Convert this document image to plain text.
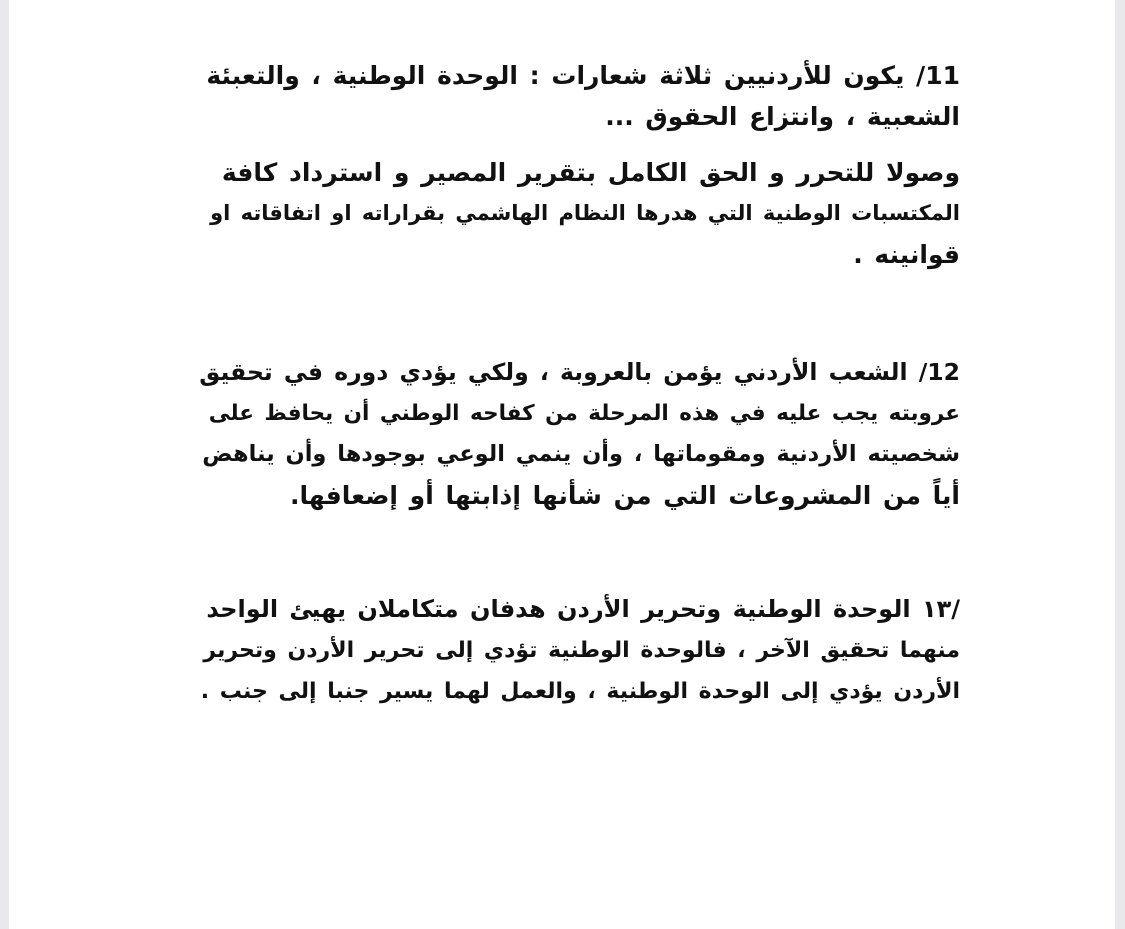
11/ يكون للأردنيين ثلاثة شعارات : الوحدة الوطنية ، والتعبئة
الشعبية ، وانتزاع الحقوق ...
وصولا للتحرر و الحق الكامل بتقرير المصير و استرداد كافة
المكتسبات الوطنية التي هدرها النظام الهاشمي بقراراته او اتفاقاته او
قوانينه .
12/ الشعب الأردني يؤمن بالعروبة ، ولكي يؤدي دوره في تحقيق
عروبته يجب عليه في هذه المرحلة من كفاحه الوطني أن يحافظ على
شخصيته الأردنية ومقوماتها ، وأن ينمي الوعي بوجودها وأن يناهض
أياً من المشروعات التي من شأنها إذابتها أو إضعافها.
/١٣ الوحدة الوطنية وتحرير الأردن هدفان متكاملان يهيئ الواحد
منهما تحقيق الآخر ، فالوحدة الوطنية تؤدي إلى تحرير الأردن وتحرير
الأردن يؤدي إلى الوحدة الوطنية ، والعمل لهما يسير جنبا إلى جنب .
